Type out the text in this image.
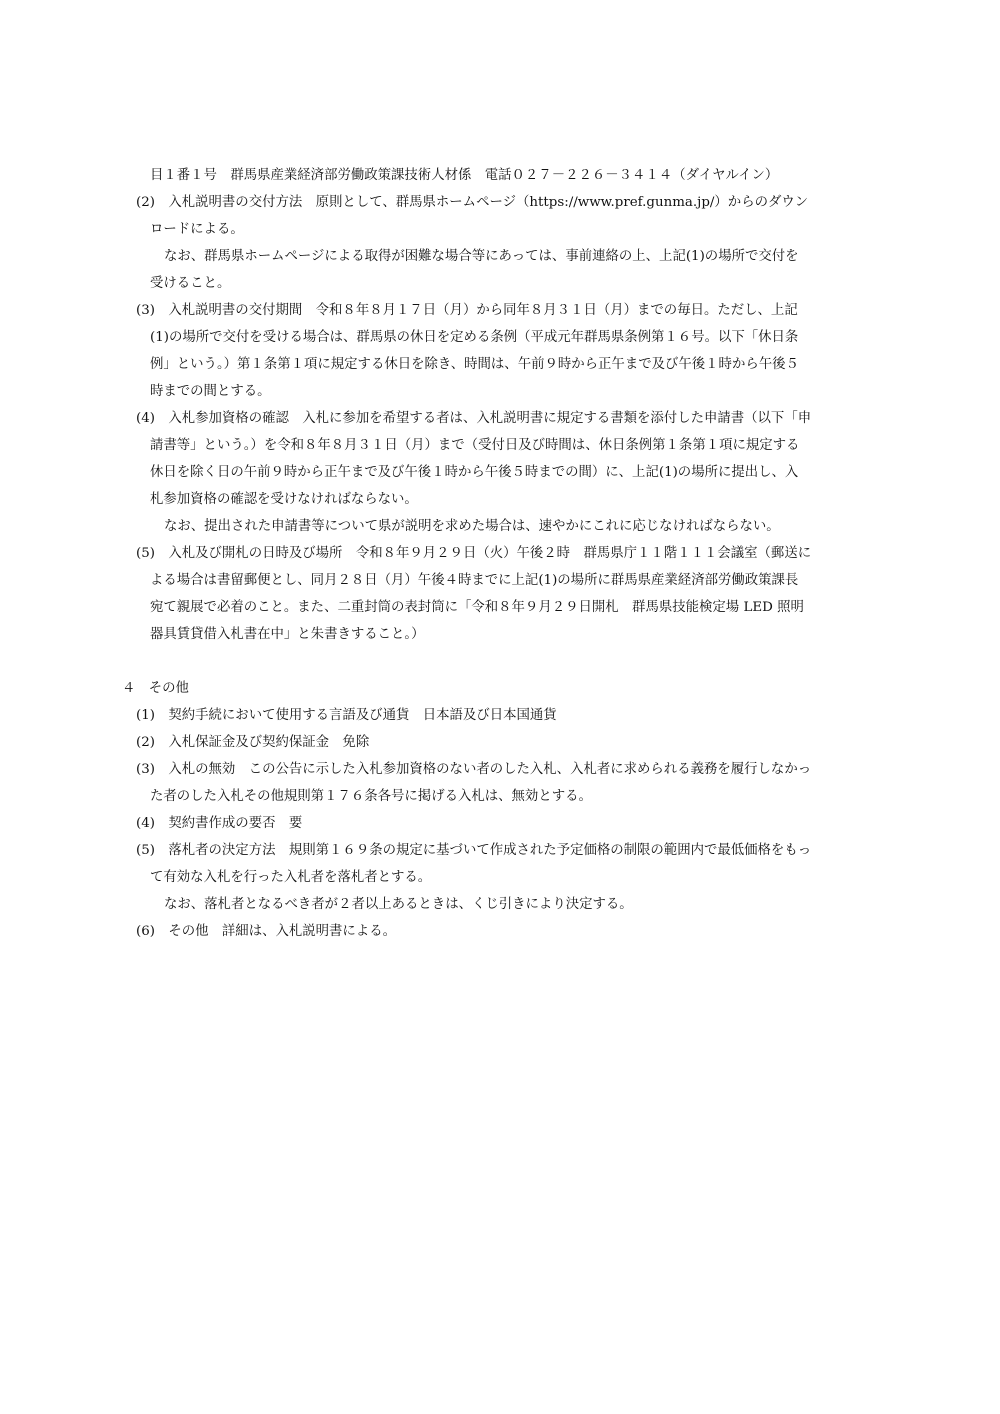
目１番１号　群馬県産業経済部労働政策課技術人材係　電話０２７－２２６－３４１４（ダイヤルイン）
(2)　入札説明書の交付方法　原則として、群馬県ホームページ（https://www.pref.gunma.jp/）からのダウン
ロードによる。
なお、群馬県ホームページによる取得が困難な場合等にあっては、事前連絡の上、上記(1)の場所で交付を
受けること。
(3)　入札説明書の交付期間　令和８年８月１７日（月）から同年８月３１日（月）までの毎日。ただし、上記
(1)の場所で交付を受ける場合は、群馬県の休日を定める条例（平成元年群馬県条例第１６号。以下「休日条
例」という。）第１条第１項に規定する休日を除き、時間は、午前９時から正午まで及び午後１時から午後５
時までの間とする。
(4)　入札参加資格の確認　入札に参加を希望する者は、入札説明書に規定する書類を添付した申請書（以下「申
請書等」という。）を令和８年８月３１日（月）まで（受付日及び時間は、休日条例第１条第１項に規定する
休日を除く日の午前９時から正午まで及び午後１時から午後５時までの間）に、上記(1)の場所に提出し、入
札参加資格の確認を受けなければならない。
なお、提出された申請書等について県が説明を求めた場合は、速やかにこれに応じなければならない。
(5)　入札及び開札の日時及び場所　令和８年９月２９日（火）午後２時　群馬県庁１１階１１１会議室（郵送に
よる場合は書留郵便とし、同月２８日（月）午後４時までに上記(1)の場所に群馬県産業経済部労働政策課長
宛て親展で必着のこと。また、二重封筒の表封筒に「令和８年９月２９日開札　群馬県技能検定場 LED 照明
器具賃貸借入札書在中」と朱書きすること。）
４　その他
(1)　契約手続において使用する言語及び通貨　日本語及び日本国通貨
(2)　入札保証金及び契約保証金　免除
(3)　入札の無効　この公告に示した入札参加資格のない者のした入札、入札者に求められる義務を履行しなかっ
た者のした入札その他規則第１７６条各号に掲げる入札は、無効とする。
(4)　契約書作成の要否　要
(5)　落札者の決定方法　規則第１６９条の規定に基づいて作成された予定価格の制限の範囲内で最低価格をもっ
て有効な入札を行った入札者を落札者とする。
なお、落札者となるべき者が２者以上あるときは、くじ引きにより決定する。
(6)　その他　詳細は、入札説明書による。
